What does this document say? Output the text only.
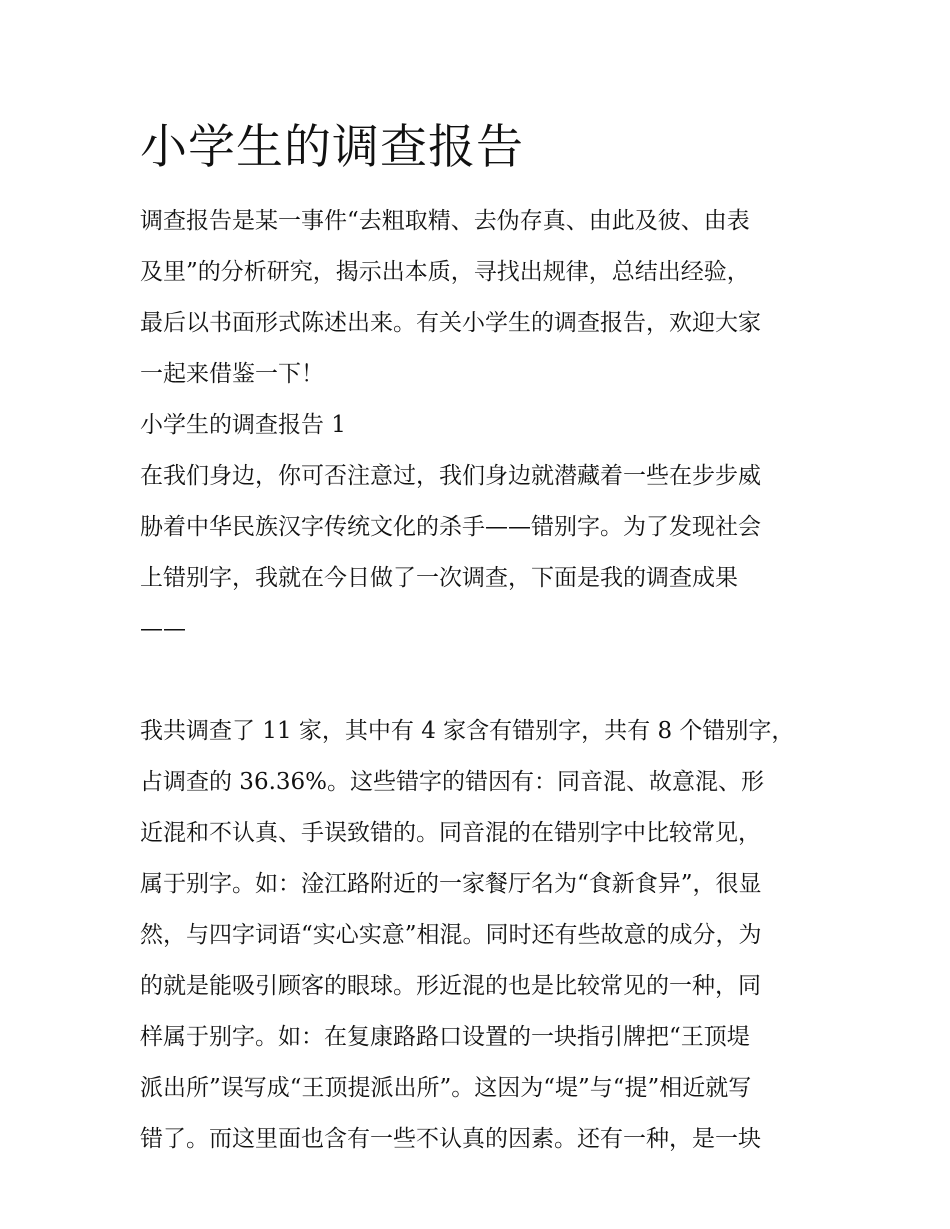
小学生的调查报告
调查报告是某一事件“去粗取精、去伪存真、由此及彼、由表
及里”的分析研究，揭示出本质，寻找出规律，总结出经验，
最后以书面形式陈述出来。有关小学生的调查报告，欢迎大家
一起来借鉴一下！
小学生的调查报告 1
在我们身边，你可否注意过，我们身边就潜藏着一些在步步威
胁着中华民族汉字传统文化的杀手——错别字。为了发现社会
上错别字，我就在今日做了一次调查，下面是我的调查成果
——
我共调查了 11 家，其中有 4 家含有错别字，共有 8 个错别字，
占调查的 36.36%。这些错字的错因有：同音混、故意混、形
近混和不认真、手误致错的。同音混的在错别字中比较常见，
属于别字。如：淦江路附近的一家餐厅名为“食新食异”，很显
然，与四字词语“实心实意”相混。同时还有些故意的成分，为
的就是能吸引顾客的眼球。形近混的也是比较常见的一种，同
样属于别字。如：在复康路路口设置的一块指引牌把“王顶堤
派出所”误写成“王顶提派出所”。这因为“堤”与“提”相近就写
错了。而这里面也含有一些不认真的因素。还有一种，是一块
